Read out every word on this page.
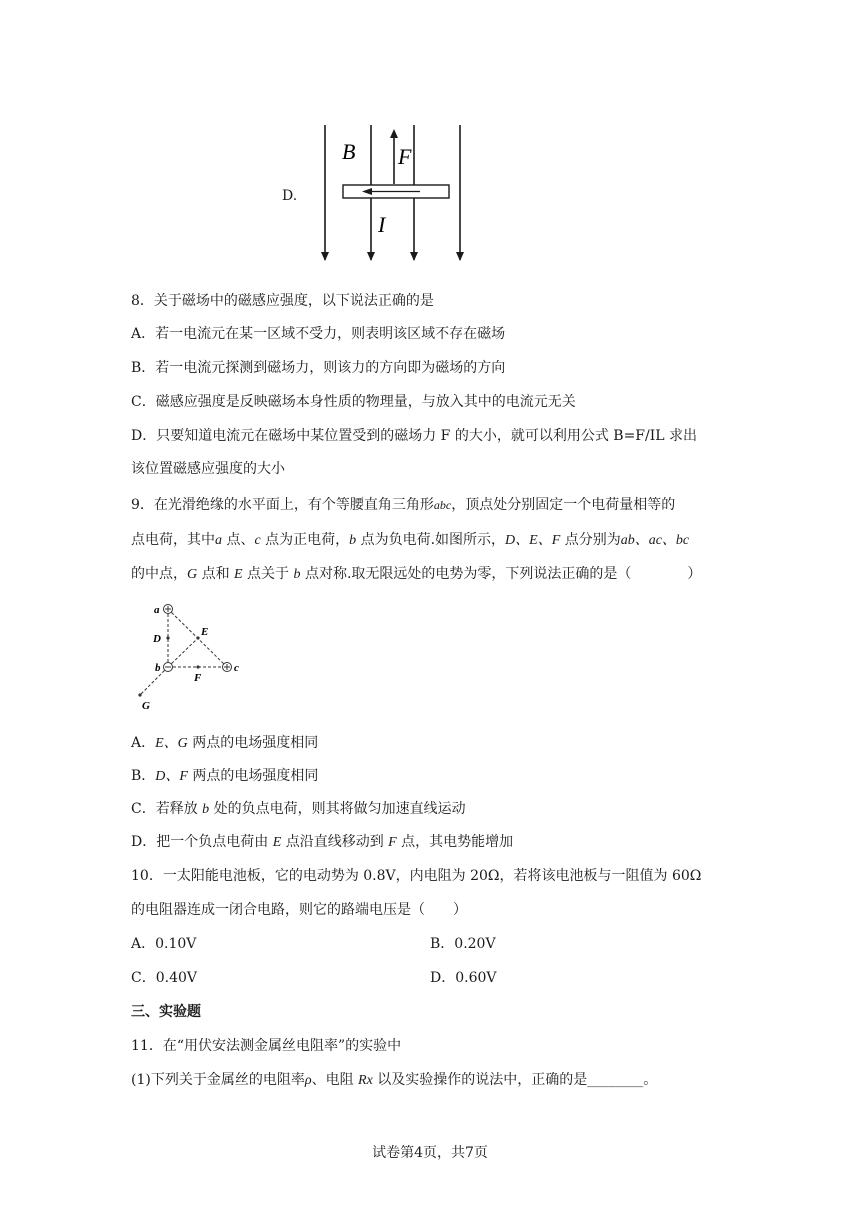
D.
B F
I
8．关于磁场中的磁感应强度，以下说法正确的是
A．若一电流元在某一区域不受力，则表明该区域不存在磁场
B．若一电流元探测到磁场力，则该力的方向即为磁场的方向
C．磁感应强度是反映磁场本身性质的物理量，与放入其中的电流元无关
D．只要知道电流元在磁场中某位置受到的磁场力 F 的大小，就可以利用公式 B=F/IL 求出
该位置磁感应强度的大小
9．在光滑绝缘的水平面上，有个等腰直角三角形abc，顶点处分别固定一个电荷量相等的
点电荷，其中a 点、c 点为正电荷，b 点为负电荷.如图所示，D、E、F 点分别为ab、ac、bc
的中点，G 点和 E 点关于 b 点对称.取无限远处的电势为零，下列说法正确的是（　　　　）
a
D
E
b	c
F
G
A．E、G 两点的电场强度相同
B．D、F 两点的电场强度相同
C．若释放 b 处的负点电荷，则其将做匀加速直线运动
D．把一个负点电荷由 E 点沿直线移动到 F 点，其电势能增加
10．一太阳能电池板，它的电动势为 0.8V，内电阻为 20Ω，若将该电池板与一阻值为 60Ω
的电阻器连成一闭合电路，则它的路端电压是（　　）
A．0.10V	B．0.20V
C．0.40V	D．0.60V
三、实验题
11．在“用伏安法测金属丝电阻率”的实验中
(1)下列关于金属丝的电阻率ρ、电阻 Rx 以及实验操作的说法中，正确的是________。
试卷第4页，共7页
